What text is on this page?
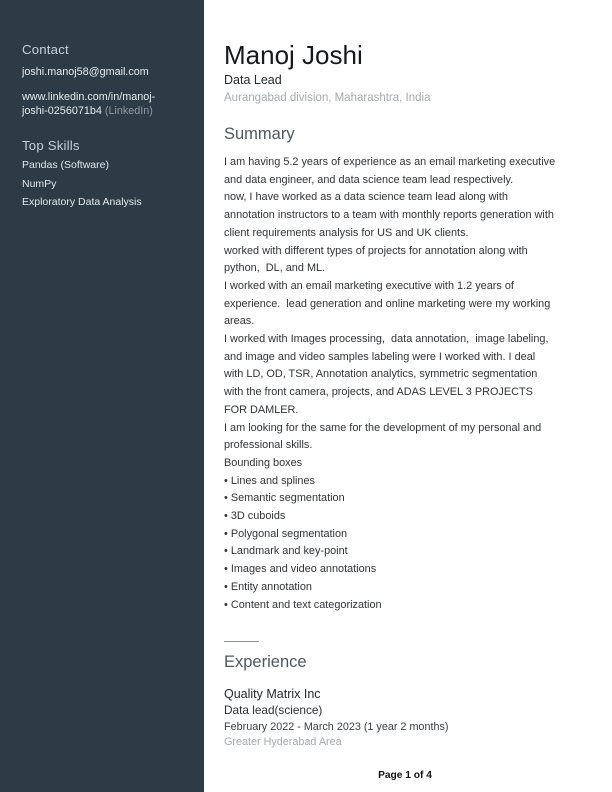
Contact
joshi.manoj58@gmail.com
www.linkedin.com/in/manoj-
joshi-0256071b4 (LinkedIn)
Top Skills
Pandas (Software)
NumPy
Exploratory Data Analysis
Manoj Joshi
Data Lead
Aurangabad division, Maharashtra, India
Summary
I am having 5.2 years of experience as an email marketing executive
and data engineer, and data science team lead respectively.
now, I have worked as a data science team lead along with
annotation instructors to a team with monthly reports generation with
client requirements analysis for US and UK clients.
worked with different types of projects for annotation along with
python,  DL, and ML.
I worked with an email marketing executive with 1.2 years of
experience.  lead generation and online marketing were my working
areas.
I worked with Images processing,  data annotation,  image labeling,
and image and video samples labeling were I worked with. I deal
with LD, OD, TSR, Annotation analytics, symmetric segmentation
with the front camera, projects, and ADAS LEVEL 3 PROJECTS
FOR DAMLER.
I am looking for the same for the development of my personal and
professional skills.
Bounding boxes
• Lines and splines
• Semantic segmentation
• 3D cuboids
• Polygonal segmentation
• Landmark and key-point
• Images and video annotations
• Entity annotation
• Content and text categorization
Experience
Quality Matrix Inc
Data lead(science)
February 2022 - March 2023 (1 year 2 months)
Greater Hyderabad Area
Page 1 of 4
